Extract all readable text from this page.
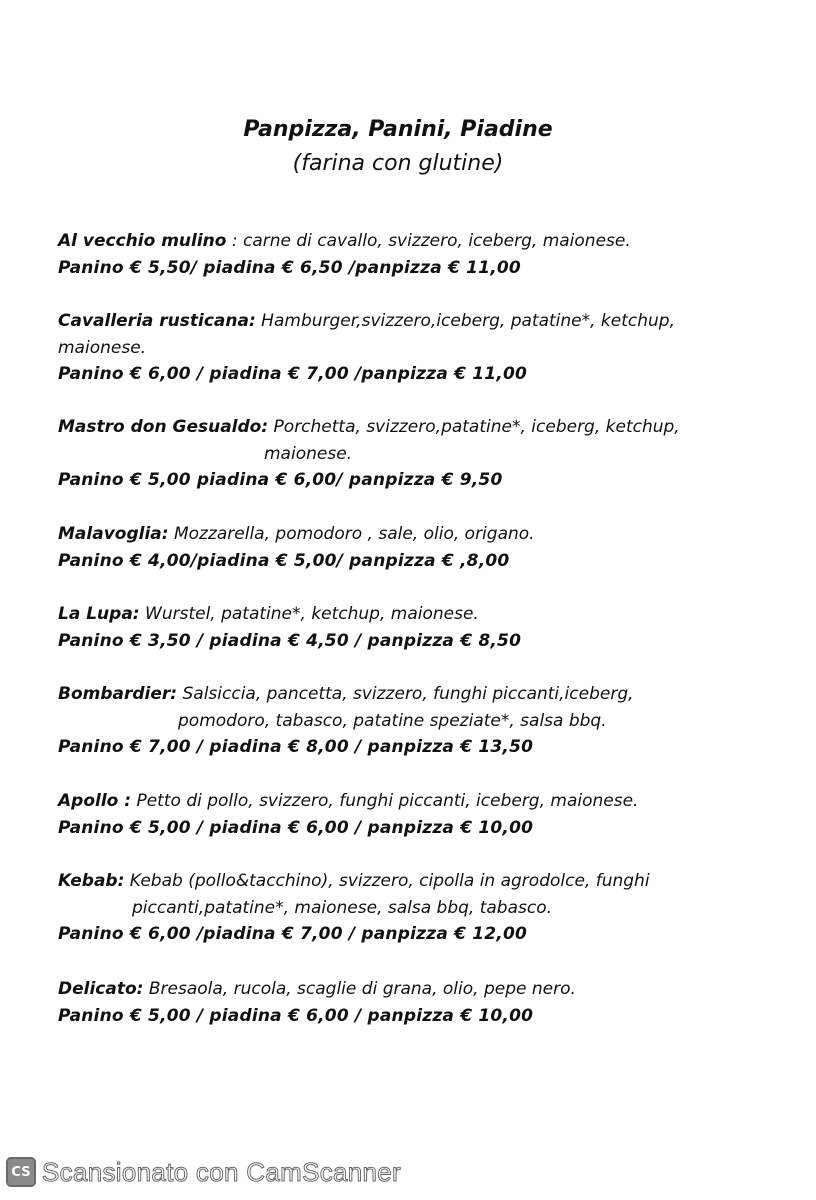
Panpizza, Panini, Piadine
(farina con glutine)
Al vecchio mulino : carne di cavallo, svizzero, iceberg, maionese.
Panino € 5,50/ piadina € 6,50 /panpizza € 11,00
Cavalleria rusticana: Hamburger,svizzero,iceberg, patatine*, ketchup,
maionese.
Panino € 6,00 / piadina € 7,00 /panpizza € 11,00
Mastro don Gesualdo: Porchetta, svizzero,patatine*, iceberg, ketchup,
maionese.
Panino € 5,00 piadina € 6,00/ panpizza € 9,50
Malavoglia: Mozzarella, pomodoro , sale, olio, origano.
Panino € 4,00/piadina € 5,00/ panpizza € ,8,00
La Lupa: Wurstel, patatine*, ketchup, maionese.
Panino € 3,50 / piadina € 4,50 / panpizza € 8,50
Bombardier: Salsiccia, pancetta, svizzero, funghi piccanti,iceberg,
pomodoro, tabasco, patatine speziate*, salsa bbq.
Panino € 7,00 / piadina € 8,00 / panpizza € 13,50
Apollo : Petto di pollo, svizzero, funghi piccanti, iceberg, maionese.
Panino € 5,00 / piadina € 6,00 / panpizza € 10,00
Kebab: Kebab (pollo&tacchino), svizzero, cipolla in agrodolce, funghi
piccanti,patatine*, maionese, salsa bbq, tabasco.
Panino € 6,00 /piadina € 7,00 / panpizza € 12,00
Delicato: Bresaola, rucola, scaglie di grana, olio, pepe nero.
Panino € 5,00 / piadina € 6,00 / panpizza € 10,00
CS Scansionato con CamScanner
